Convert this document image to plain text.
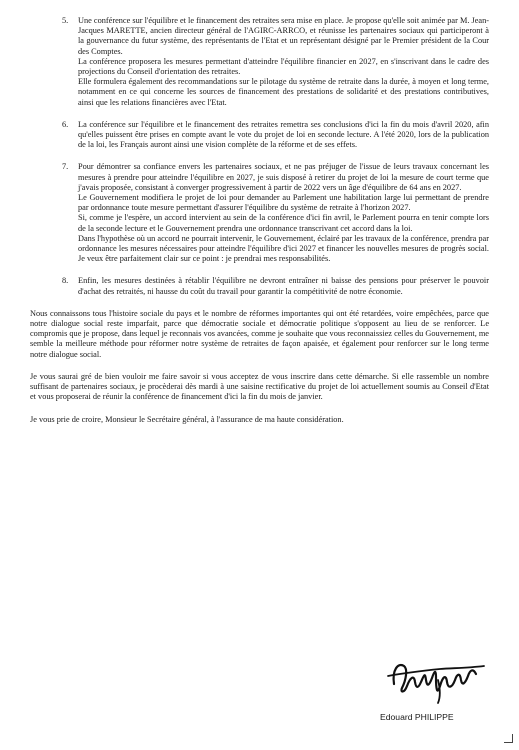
5. Une conférence sur l'équilibre et le financement des retraites sera mise en place. Je propose qu'elle soit animée par M. Jean-Jacques MARETTE, ancien directeur général de l'AGIRC-ARRCO, et réunisse les partenaires sociaux qui participeront à la gouvernance du futur système, des représentants de l'Etat et un représentant désigné par le Premier président de la Cour des Comptes.

La conférence proposera les mesures permettant d'atteindre l'équilibre financier en 2027, en s'inscrivant dans le cadre des projections du Conseil d'orientation des retraites.

Elle formulera également des recommandations sur le pilotage du système de retraite dans la durée, à moyen et long terme, notamment en ce qui concerne les sources de financement des prestations de solidarité et des prestations contributives, ainsi que les relations financières avec l'Etat.

6. La conférence sur l'équilibre et le financement des retraites remettra ses conclusions d'ici la fin du mois d'avril 2020, afin qu'elles puissent être prises en compte avant le vote du projet de loi en seconde lecture. A l'été 2020, lors de la publication de la loi, les Français auront ainsi une vision complète de la réforme et de ses effets.

7. Pour démontrer sa confiance envers les partenaires sociaux, et ne pas préjuger de l'issue de leurs travaux concernant les mesures à prendre pour atteindre l'équilibre en 2027, je suis disposé à retirer du projet de loi la mesure de court terme que j'avais proposée, consistant à converger progressivement à partir de 2022 vers un âge d'équilibre de 64 ans en 2027.

Le Gouvernement modifiera le projet de loi pour demander au Parlement une habilitation large lui permettant de prendre par ordonnance toute mesure permettant d'assurer l'équilibre du système de retraite à l'horizon 2027.

Si, comme je l'espère, un accord intervient au sein de la conférence d'ici fin avril, le Parlement pourra en tenir compte lors de la seconde lecture et le Gouvernement prendra une ordonnance transcrivant cet accord dans la loi.

Dans l'hypothèse où un accord ne pourrait intervenir, le Gouvernement, éclairé par les travaux de la conférence, prendra par ordonnance les mesures nécessaires pour atteindre l'équilibre d'ici 2027 et financer les nouvelles mesures de progrès social. Je veux être parfaitement clair sur ce point : je prendrai mes responsabilités.

8. Enfin, les mesures destinées à rétablir l'équilibre ne devront entraîner ni baisse des pensions pour préserver le pouvoir d'achat des retraités, ni hausse du coût du travail pour garantir la compétitivité de notre économie.

Nous connaissons tous l'histoire sociale du pays et le nombre de réformes importantes qui ont été retardées, voire empêchées, parce que notre dialogue social reste imparfait, parce que démocratie sociale et démocratie politique s'opposent au lieu de se renforcer. Le compromis que je propose, dans lequel je reconnais vos avancées, comme je souhaite que vous reconnaissiez celles du Gouvernement, me semble la meilleure méthode pour réformer notre système de retraites de façon apaisée, et également pour renforcer sur le long terme notre dialogue social.

Je vous saurai gré de bien vouloir me faire savoir si vous acceptez de vous inscrire dans cette démarche. Si elle rassemble un nombre suffisant de partenaires sociaux, je procèderai dès mardi à une saisine rectificative du projet de loi actuellement soumis au Conseil d'Etat et vous proposerai de réunir la conférence de financement d'ici la fin du mois de janvier.

Je vous prie de croire, Monsieur le Secrétaire général, à l'assurance de ma haute considération.

Edouard PHILIPPE
